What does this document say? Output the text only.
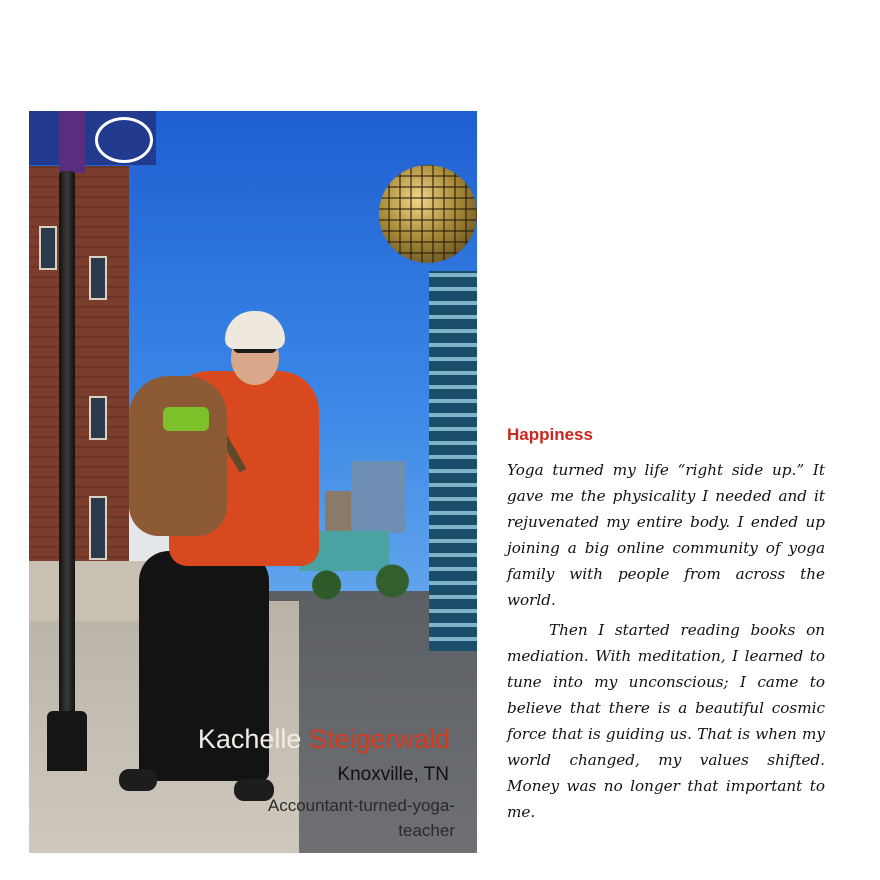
Kachelle Steigerwald
Knoxville, TN
Accountant-turned-yoga-teacher
Happiness

Yoga turned my life “right side up.” It gave me the physicality I needed and it rejuvenated my entire body. I ended up joining a big online community of yoga family with people from across the world.

Then I started reading books on mediation. With meditation, I learned to tune into my unconscious; I came to believe that there is a beautiful cosmic force that is guiding us. That is when my world changed, my values shifted. Money was no longer that important to me.
